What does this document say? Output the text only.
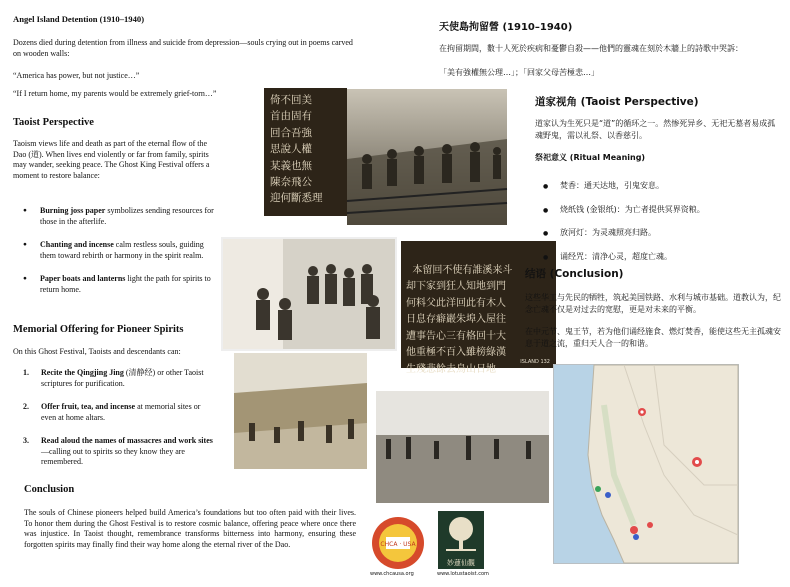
Angel Island Detention (1910–1940)
Dozens died during detention from illness and suicide from depression—souls crying out in poems carved on wooden walls:
“America has power, but not justice…”
“If I return home, my parents would be extremely grief-torn…”
Taoist Perspective
Taoism views life and death as part of the eternal flow of the Dao (道). When lives end violently or far from family, spirits may wander, seeking peace. The Ghost King Festival offers a moment to restore balance:
● Burning joss paper symbolizes sending resources for those in the afterlife.
● Chanting and incense calm restless souls, guiding them toward rebirth or harmony in the spirit realm.
● Paper boats and lanterns light the path for spirits to return home.
Memorial Offering for Pioneer Spirits
On this Ghost Festival, Taoists and descendants can:
1. Recite the Qingjing Jing (清静经) or other Taoist scriptures for purification.
2. Offer fruit, tea, and incense at memorial sites or even at home altars.
3. Read aloud the names of massacres and work sites—calling out to spirits so they know they are remembered.
Conclusion
The souls of Chinese pioneers helped build America’s foundations but too often paid with their lives. To honor them during the Ghost Festival is to restore cosmic balance, offering peace where once there was injustice. In Taoist thought, remembrance transforms bitterness into harmony, ensuring these forgotten spirits may finally find their way home along the eternal river of the Dao.
倚不回美
首由固有
回合吾強
思說人權
某義也無
陳奈飛公
迎何斷悉理

本留回不使有誰溪来斗
却下家到狂人知地到門
何料父此洋回此有木人
日息存癖巖朱埠入屋往
遭事告心三有格回十大
他重極不百入雖榜綠漢
生殘悲餘去鳥山日地

ISLAND 132

CHCA · USA
www.chcausa.org
妙蓮仙觀
www.lotustaoist.com
天使島拘留營 (1910–1940)
在拘留期間，數十人死於疾病和憂鬱自殺——他們的靈魂在刻於木牆上的詩歌中哭訴：
「美有強權無公理…」；「回家父母苦極悲…」
道家视角 (Taoist Perspective)
道家认为生死只是“道”的循环之一。然惨死异乡、无祀无墓者易成孤魂野鬼，需以礼祭、以香慈引。
祭祀意义 (Ritual Meaning)
● 焚香：通天达地，引鬼安息。
● 烧纸钱 (金银纸)：为亡者提供冥界资粮。
● 放河灯：为灵魂照亮归路。
● 诵经咒：清净心灵，超度亡魂。
结语 (Conclusion)
这些华工与先民的牺牲，筑起美国铁路、水利与城市基础。道教认为，纪念亡魂不仅是对过去的宽慰，更是对未来的平衡。
在中元节、鬼王节，若为他们诵经施食、燃灯焚香，能使这些无主孤魂安息于道之流，重归天人合一的和谐。
